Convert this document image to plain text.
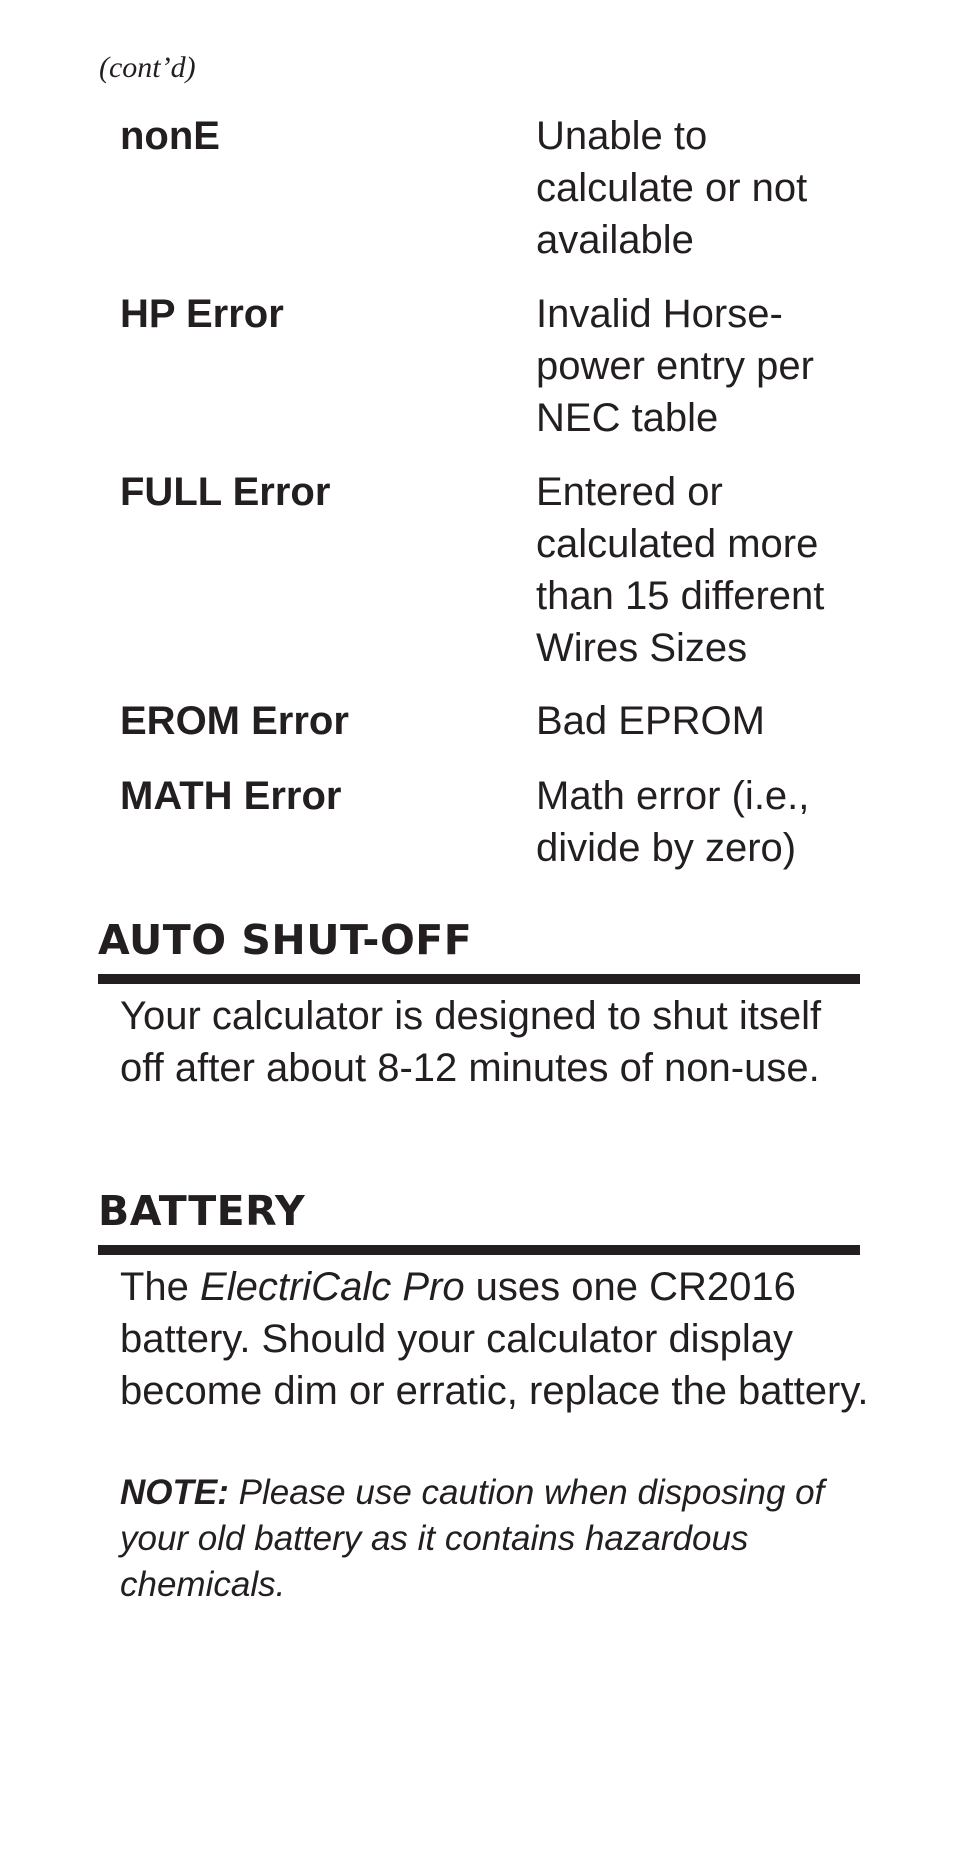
(cont’d)
nonE	Unable to calculate or not available
HP Error	Invalid Horse-power entry per NEC table
FULL Error	Entered or calculated more than 15 different Wires Sizes
EROM Error	Bad EPROM
MATH Error	Math error (i.e., divide by zero)
AUTO SHUT-OFF
Your calculator is designed to shut itself off after about 8-12 minutes of non-use.
BATTERY
The ElectriCalc Pro uses one CR2016 battery. Should your calculator display become dim or erratic, replace the battery.
NOTE: Please use caution when disposing of your old battery as it contains hazardous chemicals.
